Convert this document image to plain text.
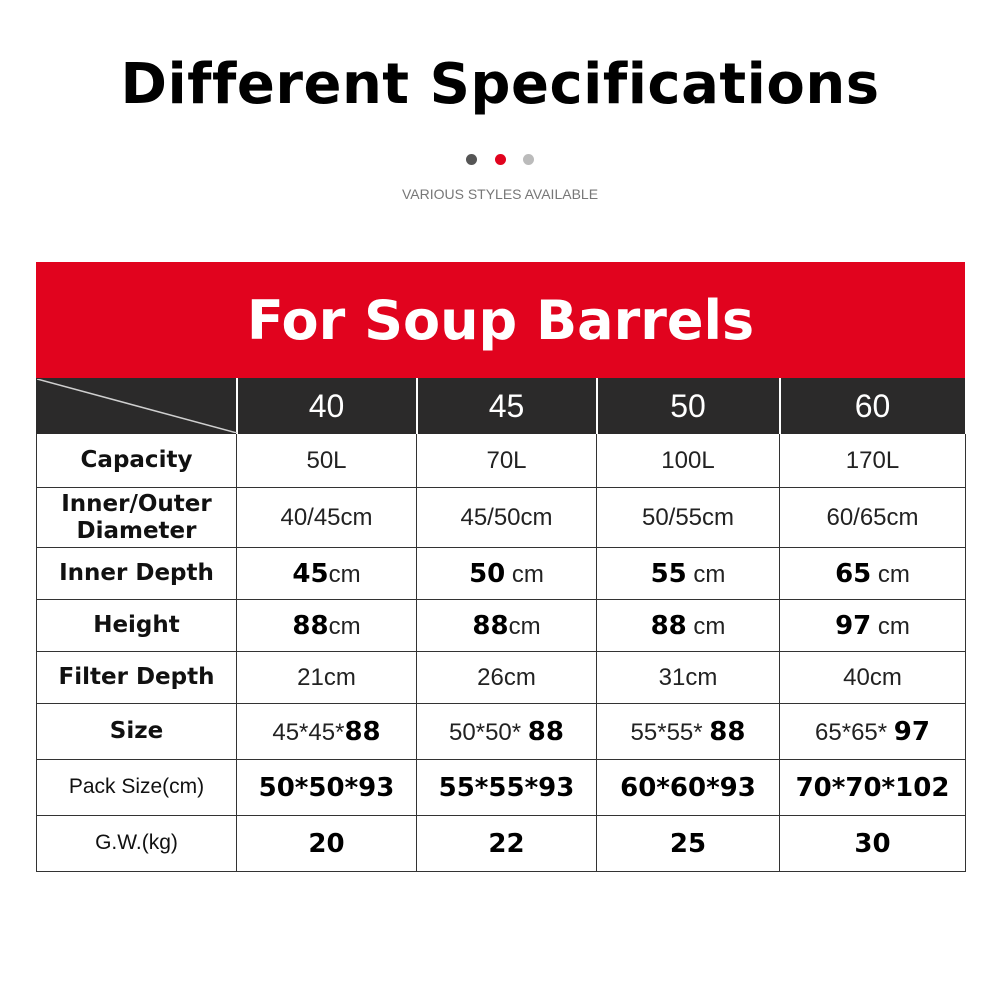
Different Specifications

VARIOUS STYLES AVAILABLE
For Soup Barrels
	40	45	50	60
Capacity	50L	70L	100L	170L
Inner/Outer Diameter	40/45cm	45/50cm	50/55cm	60/65cm
Inner Depth	45cm	50 cm	55 cm	65 cm
Height	88cm	88cm	88 cm	97 cm
Filter Depth	21cm	26cm	31cm	40cm
Size	45*45*88	50*50* 88	55*55* 88	65*65* 97
Pack Size(cm)	50*50*93	55*55*93	60*60*93	70*70*102
G.W.(kg)	20	22	25	30
